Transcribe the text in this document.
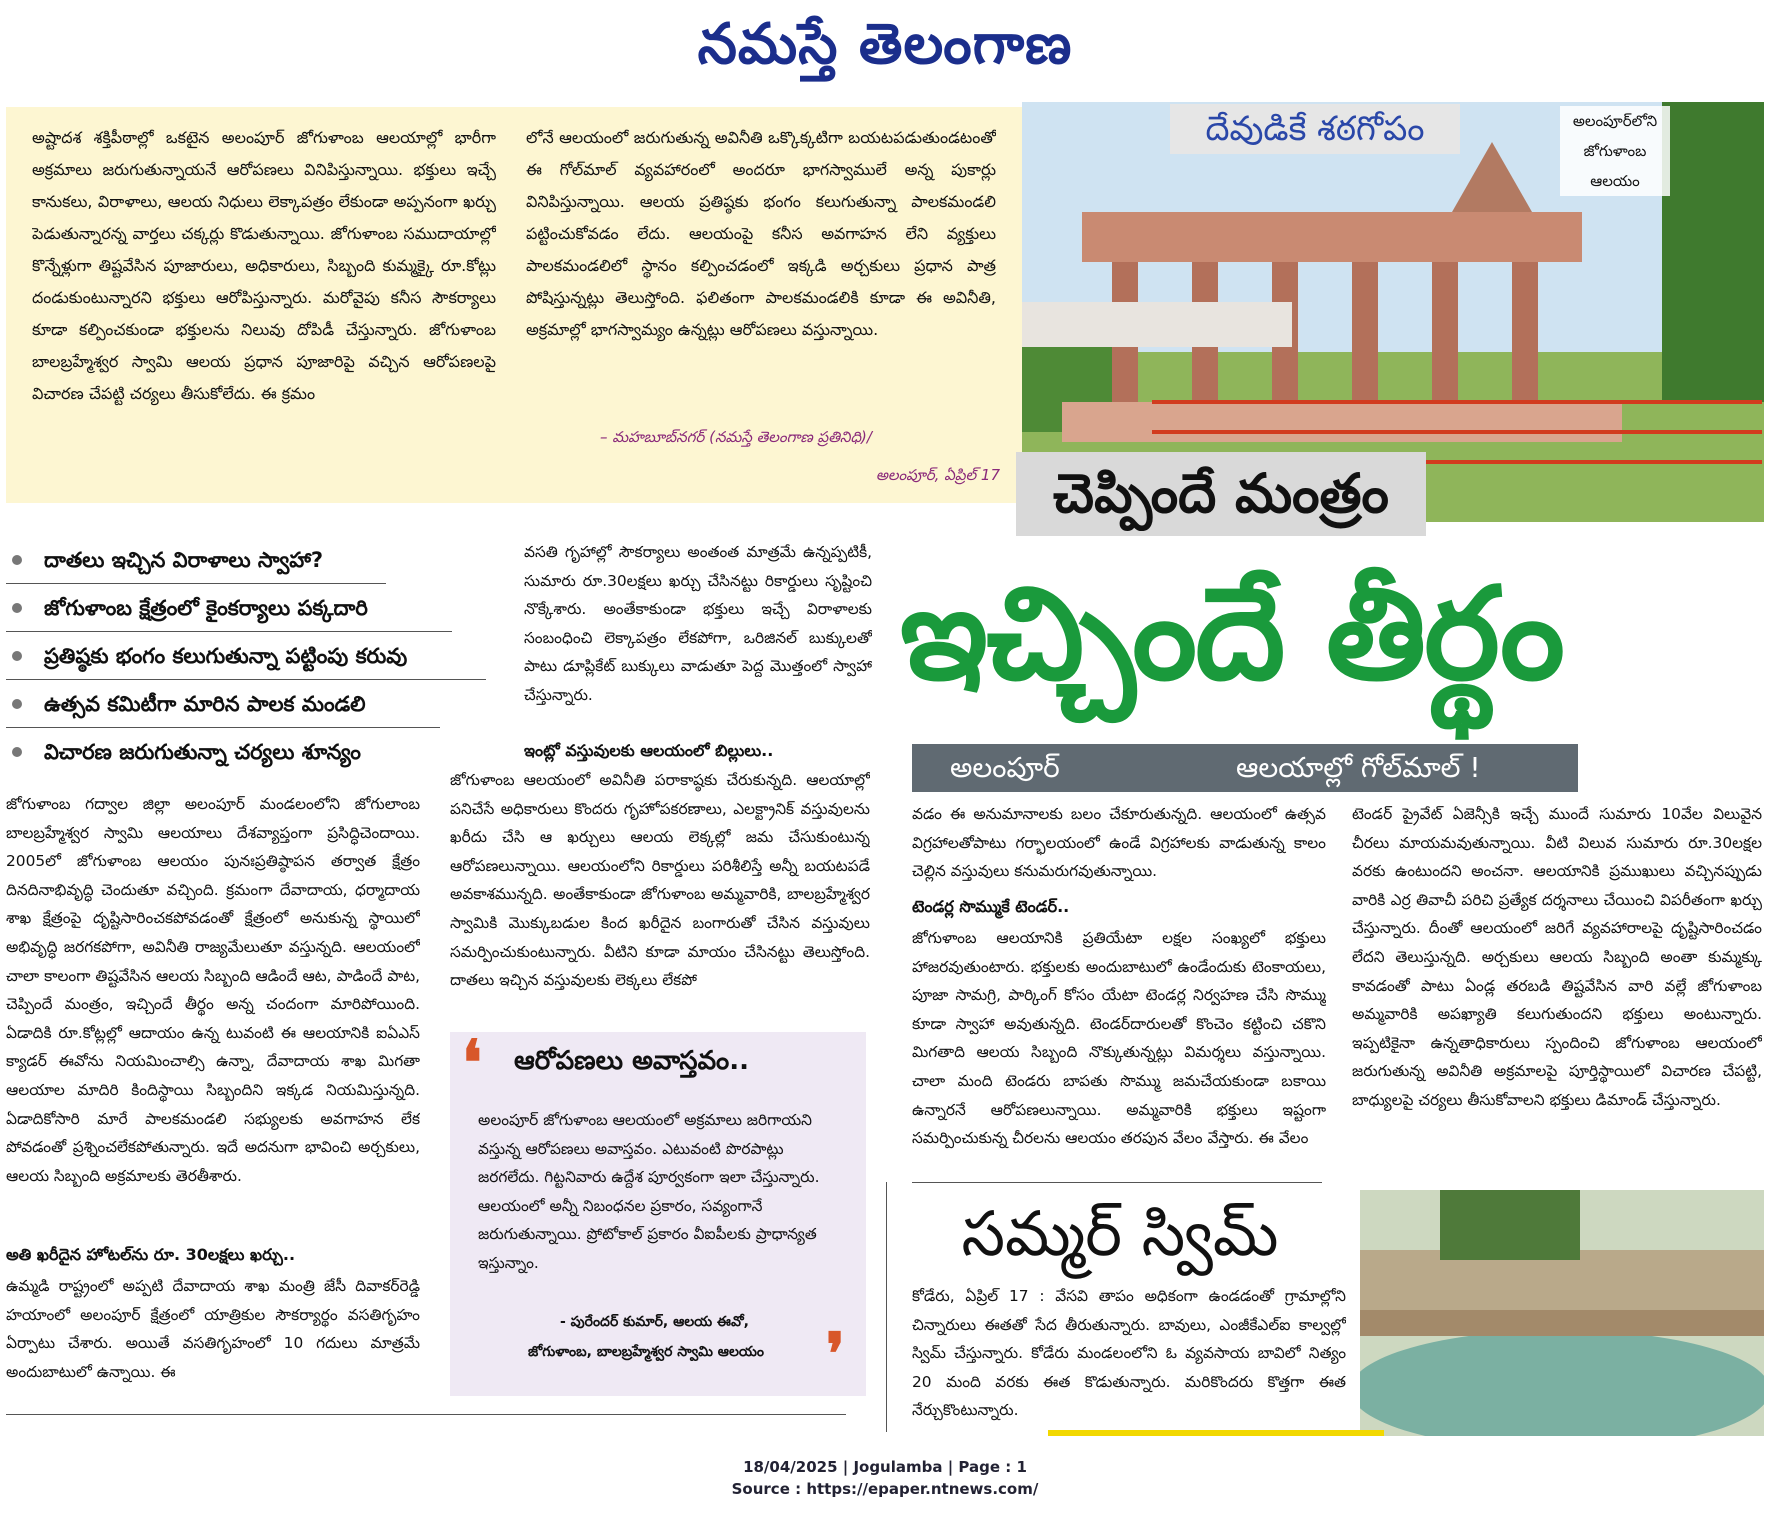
నమస్తే తెలంగాణ
అష్టాదశ శక్తిపీఠాల్లో ఒకటైన అలంపూర్‌ జోగుళాంబ ఆలయాల్లో భారీగా అక్రమాలు జరుగుతున్నాయనే ఆరోపణలు వినిపిస్తున్నాయి. భక్తులు ఇచ్చే కానుకలు, విరాళాలు, ఆలయ నిధులు లెక్కాపత్రం లేకుండా అప్పనంగా ఖర్చు పెడుతున్నారన్న వార్తలు చక్కర్లు కొడుతున్నాయి. జోగుళాంబ సముదాయాల్లో కొన్నేళ్లుగా తిష్టవేసిన పూజారులు, అధికారులు, సిబ్బంది కుమ్మక్కై రూ.కోట్లు దండుకుంటున్నారని భక్తులు ఆరోపిస్తున్నారు. మరోవైపు కనీస సౌకర్యాలు కూడా కల్పించకుండా భక్తులను నిలువు దోపిడీ చేస్తున్నారు. జోగుళాంబ బాలబ్రహ్మేశ్వర స్వామి ఆలయ ప్రధాన పూజారిపై వచ్చిన ఆరోపణలపై విచారణ చేపట్టి చర్యలు తీసుకోలేదు. ఈ క్రమం
లోనే ఆలయంలో జరుగుతున్న అవినీతి ఒక్కొక్కటిగా బయటపడుతుండటంతో ఈ గోల్‌మాల్‌ వ్యవహారంలో అందరూ భాగస్వాములే అన్న పుకార్లు వినిపిస్తున్నాయి. ఆలయ ప్రతిష్ఠకు భంగం కలుగుతున్నా పాలకమండలి పట్టించుకోవడం లేదు. ఆలయంపై కనీస అవగాహన లేని వ్యక్తులు పాలకమండలిలో స్థానం కల్పించడంలో ఇక్కడి అర్చకులు ప్రధాన పాత్ర పోషిస్తున్నట్లు తెలుస్తోంది. ఫలితంగా పాలకమండలికి కూడా ఈ అవినీతి, అక్రమాల్లో భాగస్వామ్యం ఉన్నట్లు ఆరోపణలు వస్తున్నాయి.
– మహబూబ్‌నగర్‌ (నమస్తే తెలంగాణ ప్రతినిధి)/
అలంపూర్‌, ఏప్రిల్‌ 17
దేవుడికే శఠగోపం	అలంపూర్‌లోని జోగుళాంబ ఆలయం
చెప్పిందే మంత్రం
ఇచ్చిందే తీర్థం
అలంపూర్‌	ఆలయాల్లో గోల్‌మాల్‌ !
దాతలు ఇచ్చిన విరాళాలు స్వాహా?
జోగుళాంబ క్షేత్రంలో కైంకర్యాలు పక్కదారి
ప్రతిష్ఠకు భంగం కలుగుతున్నా పట్టింపు కరువు
ఉత్సవ కమిటీగా మారిన పాలక మండలి
విచారణ జరుగుతున్నా చర్యలు శూన్యం
జోగుళాంబ గద్వాల జిల్లా అలంపూర్‌ మండలంలోని జోగులాంబ బాలబ్రహ్మేశ్వర స్వామి ఆలయాలు దేశవ్యాప్తంగా ప్రసిద్ధిచెందాయి. 2005లో జోగుళాంబ ఆలయం పునఃప్రతిష్ఠాపన తర్వాత క్షేత్రం దినదినాభివృద్ధి చెందుతూ వచ్చింది. క్రమంగా దేవాదాయ, ధర్మాదాయ శాఖ క్షేత్రంపై దృష్టిసారించకపోవడంతో క్షేత్రంలో అనుకున్న స్థాయిలో అభివృద్ధి జరగకపోగా, అవినీతి రాజ్యమేలుతూ వస్తున్నది. ఆలయంలో చాలా కాలంగా తిష్టవేసిన ఆలయ సిబ్బంది ఆడిందే ఆట, పాడిందే పాట, చెప్పిందే మంత్రం, ఇచ్చిందే తీర్థం అన్న చందంగా మారిపోయింది. ఏడాదికి రూ.కోట్లల్లో ఆదాయం ఉన్న టువంటి ఈ ఆలయానికి ఐఏఎస్‌ క్యాడర్‌ ఈవోను నియమించాల్సి ఉన్నా, దేవాదాయ శాఖ మిగతా ఆలయాల మాదిరి కిందిస్థాయి సిబ్బందిని ఇక్కడ నియమిస్తున్నది. ఏడాదికోసారి మారే పాలకమండలి సభ్యులకు అవగాహన లేక పోవడంతో ప్రశ్నించలేకపోతున్నారు. ఇదే అదనుగా భావించి అర్చకులు, ఆలయ సిబ్బంది అక్రమాలకు తెరతీశారు.
అతి ఖరీదైన హోటల్‌ను రూ. 30లక్షలు ఖర్చు..
ఉమ్మడి రాష్ట్రంలో అప్పటి దేవాదాయ శాఖ మంత్రి జేసీ దివాకర్‌రెడ్డి హయాంలో అలంపూర్‌ క్షేత్రంలో యాత్రికుల సౌకర్యార్థం వసతిగృహం ఏర్పాటు చేశారు. అయితే వసతిగృహంలో 10 గదులు మాత్రమే అందుబాటులో ఉన్నాయి. ఈ
వసతి గృహాల్లో సౌకర్యాలు అంతంత మాత్రమే ఉన్నప్పటికీ, సుమారు రూ.30లక్షలు ఖర్చు చేసినట్టు రికార్డులు సృష్టించి నొక్కేశారు. అంతేకాకుండా భక్తులు ఇచ్చే విరాళాలకు సంబంధించి లెక్కాపత్రం లేకపోగా, ఒరిజినల్‌ బుక్కులతో పాటు డూప్లికేట్‌ బుక్కులు వాడుతూ పెద్ద మొత్తంలో స్వాహా చేస్తున్నారు.
ఇంట్లో వస్తువులకు ఆలయంలో బిల్లులు..
జోగుళాంబ ఆలయంలో అవినీతి పరాకాష్ఠకు చేరుకున్నది. ఆలయాల్లో పనిచేసే అధికారులు కొందరు గృహోపకరణాలు, ఎలక్ట్రానిక్‌ వస్తువులను ఖరీదు చేసి ఆ ఖర్చులు ఆలయ లెక్కల్లో జమ చేసుకుంటున్న ఆరోపణలున్నాయి. ఆలయంలోని రికార్డులు పరిశీలిస్తే అన్నీ బయటపడే అవకాశమున్నది. అంతేకాకుండా జోగుళాంబ అమ్మవారికి, బాలబ్రహ్మేశ్వర స్వామికి మొక్కుబడుల కింద ఖరీదైన బంగారుతో చేసిన వస్తువులు సమర్పించుకుంటున్నారు. వీటిని కూడా మాయం చేసినట్టు తెలుస్తోంది. దాతలు ఇచ్చిన వస్తువులకు లెక్కలు లేకపో
❛ ఆరోపణలు అవాస్తవం..
అలంపూర్‌ జోగుళాంబ ఆలయంలో అక్రమాలు జరిగాయని వస్తున్న ఆరోపణలు అవాస్తవం. ఎటువంటి పొరపాట్లు జరగలేదు. గిట్టనివారు ఉద్దేశ పూర్వకంగా ఇలా చేస్తున్నారు. ఆలయంలో అన్నీ నిబంధనల ప్రకారం, సవ్యంగానే జరుగుతున్నాయి. ప్రోటోకాల్‌ ప్రకారం వీఐపీలకు ప్రాధాన్యత ఇస్తున్నాం.
- పురేందర్‌ కుమార్‌, ఆలయ ఈవో,
జోగుళాంబ, బాలబ్రహ్మేశ్వర స్వామి ఆలయం	❜
వడం ఈ అనుమానాలకు బలం చేకూరుతున్నది. ఆలయంలో ఉత్సవ విగ్రహాలతోపాటు గర్భాలయంలో ఉండే విగ్రహాలకు వాడుతున్న కాలం చెల్లిన వస్తువులు కనుమరుగవుతున్నాయి.
టెండర్ల సొమ్ముకే టెండర్‌..
జోగుళాంబ ఆలయానికి ప్రతియేటా లక్షల సంఖ్యలో భక్తులు హాజరవుతుంటారు. భక్తులకు అందుబాటులో ఉండేందుకు టెంకాయలు, పూజా సామగ్రి, పార్కింగ్‌ కోసం యేటా టెండర్ల నిర్వహణ చేసి సొమ్ము కూడా స్వాహా అవుతున్నది. టెండర్‌దారులతో కొంచెం కట్టించి చకొని మిగతాది ఆలయ సిబ్బంది నొక్కుతున్నట్లు విమర్శలు వస్తున్నాయి. చాలా మంది టెండరు బాపతు సొమ్ము జమచేయకుండా బకాయి ఉన్నారనే ఆరోపణలున్నాయి. అమ్మవారికి భక్తులు ఇష్టంగా సమర్పించుకున్న చీరలను ఆలయం తరపున వేలం వేస్తారు. ఈ వేలం
టెండర్‌ ప్రైవేట్‌ ఏజెన్సీకి ఇచ్చే ముందే సుమారు 10వేల విలువైన చీరలు మాయమవుతున్నాయి. వీటి విలువ సుమారు రూ.30లక్షల వరకు ఉంటుందని అంచనా. ఆలయానికి ప్రముఖులు వచ్చినప్పుడు వారికి ఎర్ర తివాచీ పరిచి ప్రత్యేక దర్శనాలు చేయించి విపరీతంగా ఖర్చు చేస్తున్నారు. దీంతో ఆలయంలో జరిగే వ్యవహారాలపై దృష్టిసారించడం లేదని తెలుస్తున్నది. అర్చకులు ఆలయ సిబ్బంది అంతా కుమ్మక్కు కావడంతో పాటు ఏండ్ల తరబడి తిష్టవేసిన వారి వల్లే జోగుళాంబ అమ్మవారికి అపఖ్యాతి కలుగుతుందని భక్తులు అంటున్నారు. ఇప్పటికైనా ఉన్నతాధికారులు స్పందించి జోగుళాంబ ఆలయంలో జరుగుతున్న అవినీతి అక్రమాలపై పూర్తిస్థాయిలో విచారణ చేపట్టి, బాధ్యులపై చర్యలు తీసుకోవాలని భక్తులు డిమాండ్‌ చేస్తున్నారు.
సమ్మర్‌ స్విమ్‌
కోడేరు, ఏప్రిల్‌ 17 : వేసవి తాపం అధికంగా ఉండడంతో గ్రామాల్లోని చిన్నారులు ఈతతో సేద తీరుతున్నారు. బావులు, ఎంజీకేఎల్‌ఐ కాల్వల్లో స్విమ్‌ చేస్తున్నారు. కోడేరు మండలంలోని ఓ వ్యవసాయ బావిలో నిత్యం 20 మంది వరకు ఈత కొడుతున్నారు. మరికొందరు కొత్తగా ఈత నేర్చుకొంటున్నారు.
18/04/2025 | Jogulamba | Page : 1
Source : https://epaper.ntnews.com/
